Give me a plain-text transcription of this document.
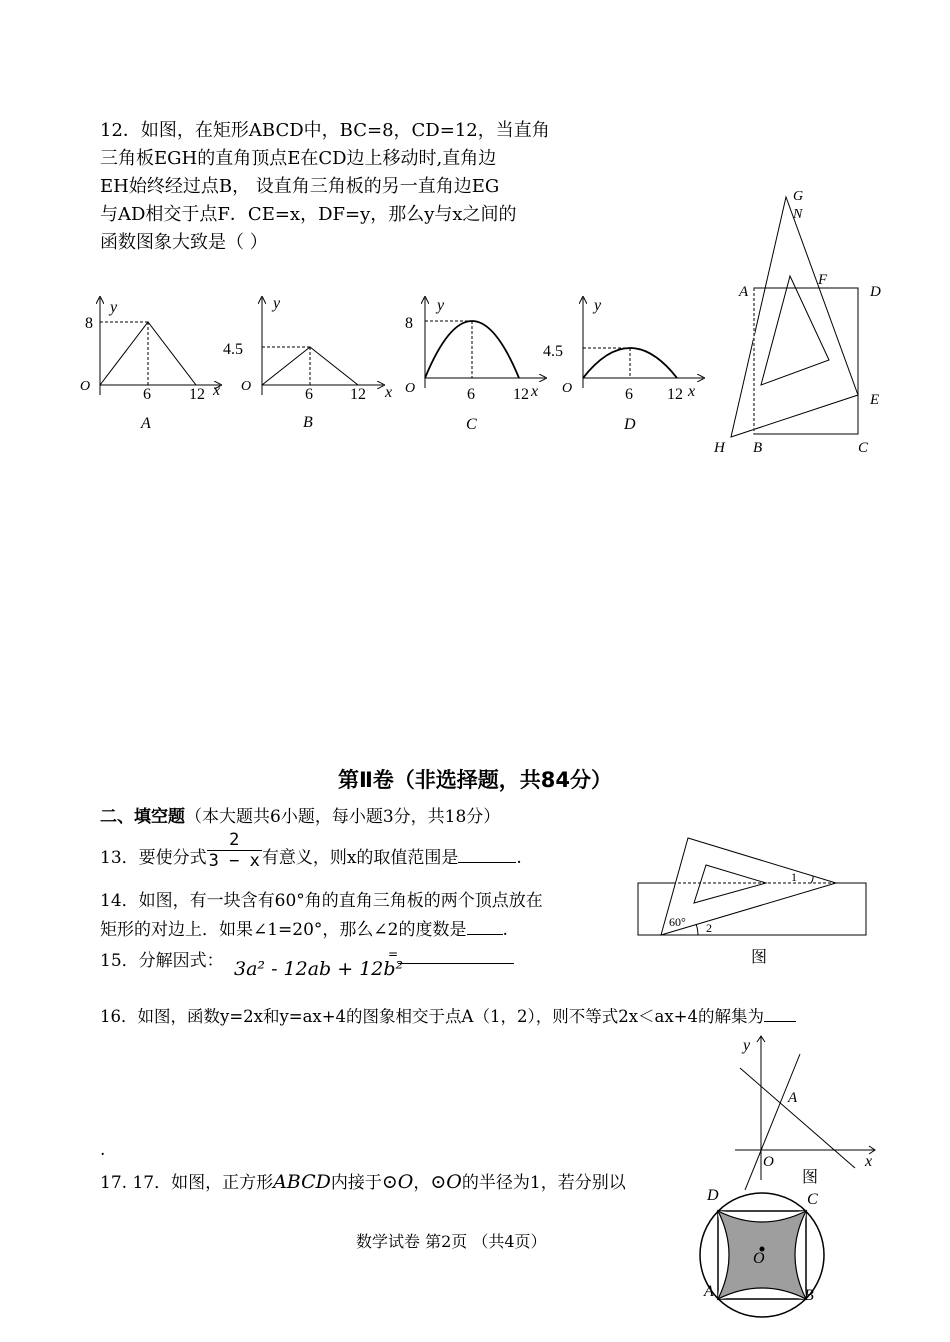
12．如图，在矩形ABCD中，BC=8，CD=12，当直角
三角板EGH的直角顶点E在CD边上移动时,直角边
EH始终经过点B， 设直角三角板的另一直角边EG
与AD相交于点F．CE=x，DF=y，那么y与x之间的
函数图象大致是（ ）
8
y
O	6 12 x
A
4.5
y
O	6 12 x
B
8
y
O	6 12 x
C
4.5
y
O	6 12 x
D
G
N
A
F
D
E
H B	C
第Ⅱ卷（非选择题，共84分）
二、填空题（本大题共6小题，每小题3分，共18分）
13．要使分式 $\frac{2}{3 - x}$ 有意义，则x的取值范围是	.
14．如图，有一块含有60°角的直角三角板的两个顶点放在
矩形的对边上．如果∠1=20°，那么∠2的度数是 .	60°
1
2
图
15．分解因式： 3a² - 12ab + 12b²
=
16．如图，函数y=2x和y=ax+4的图象相交于点A（1，2），则不等式2x＜ax+4的解集为
.
y
x
A
O
图
17. 17．如图，正方形ABCD内接于⊙O，⊙O的半径为1，若分别以
D	C
A	B
O
数学试卷 第2页 （共4页）
